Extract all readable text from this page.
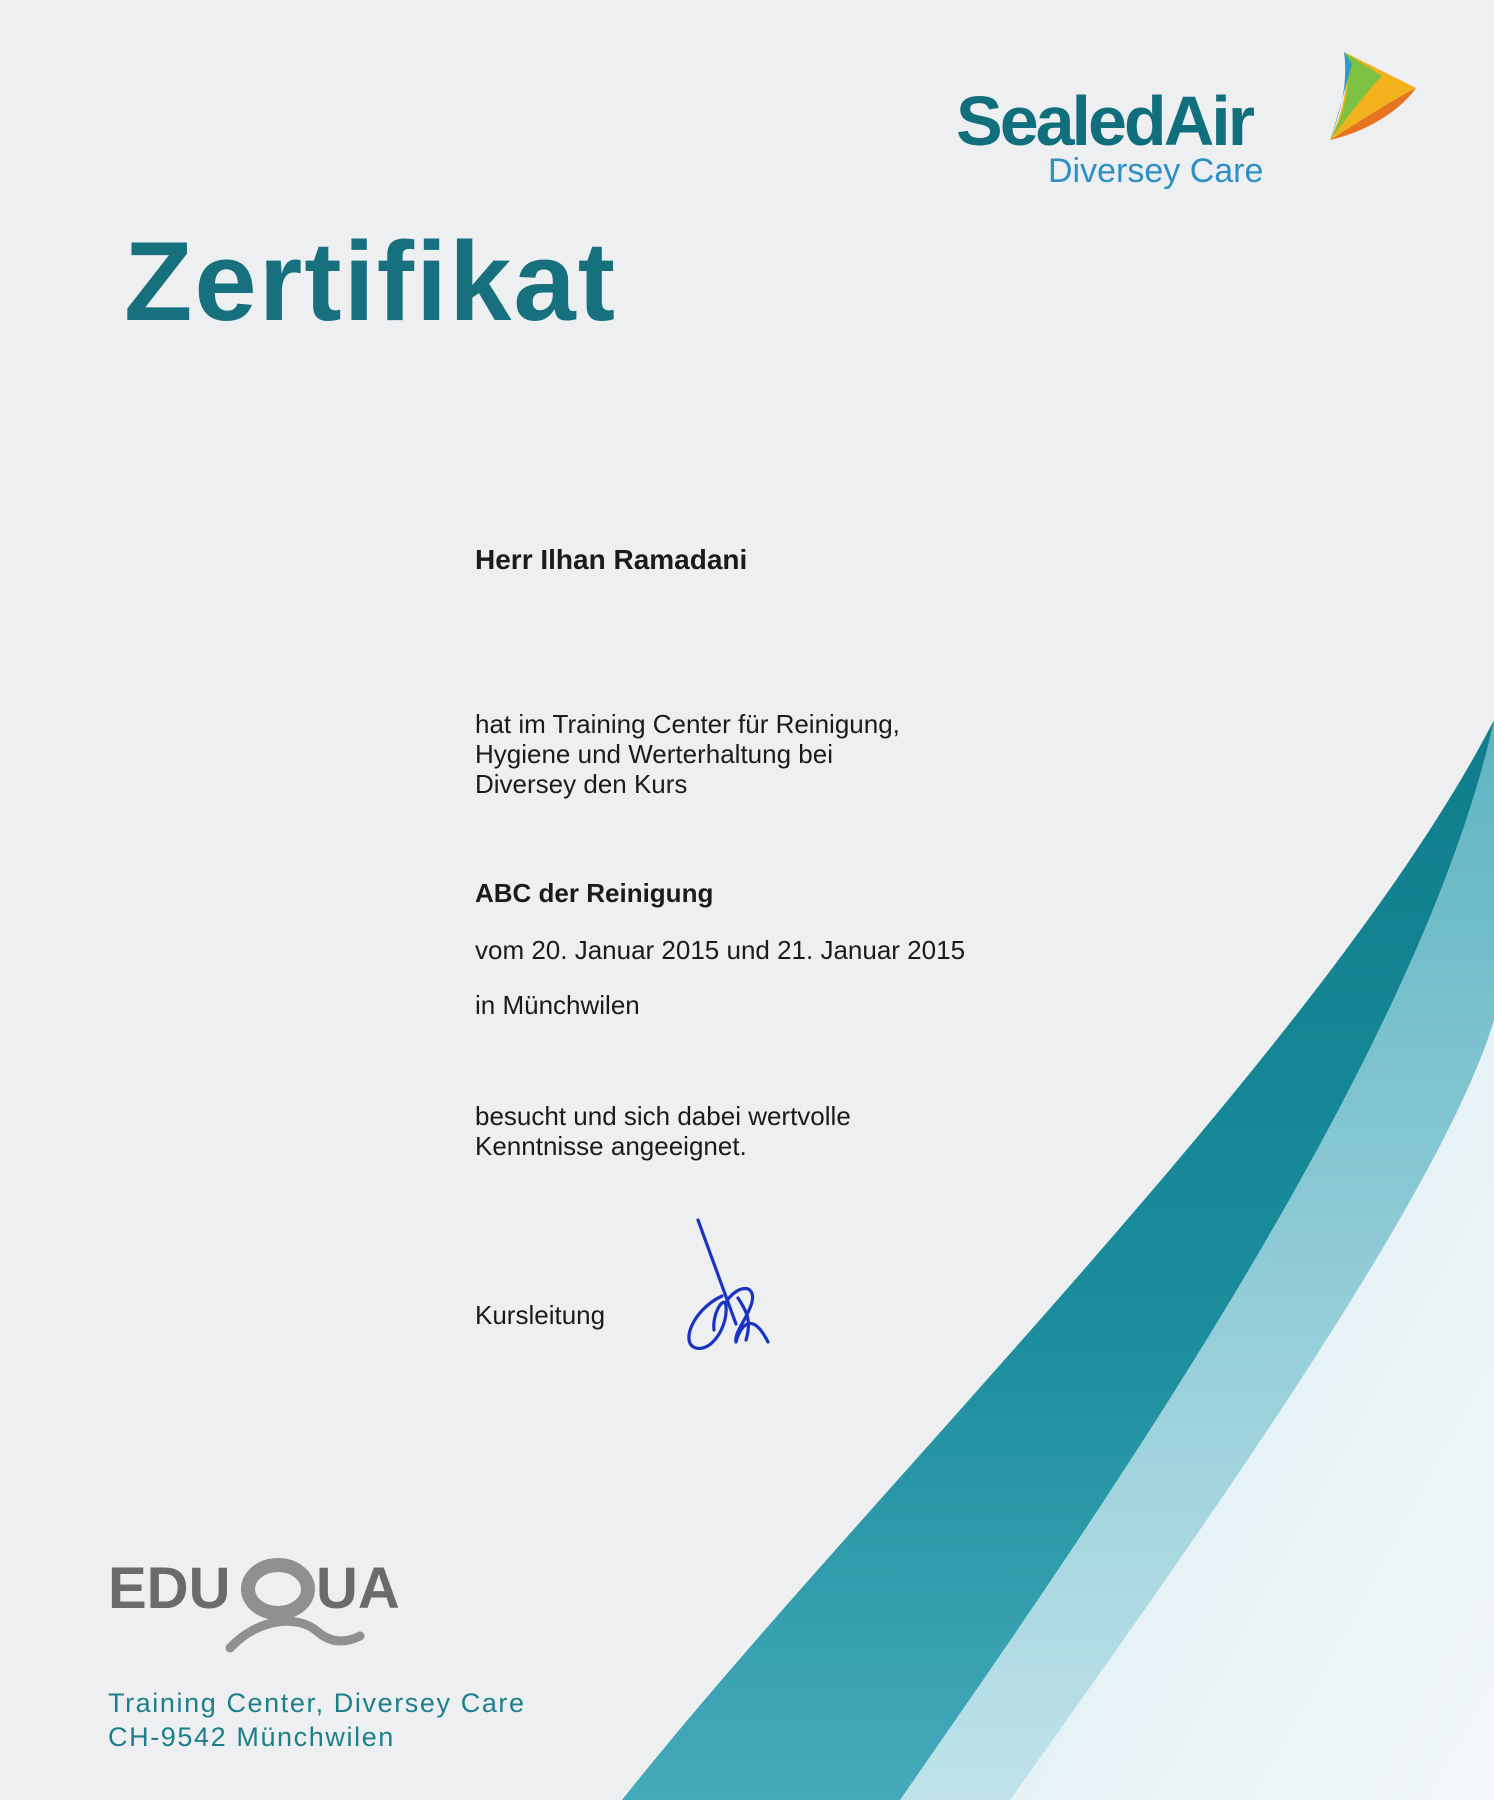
SealedAir
Diversey Care
Zertifikat
Herr Ilhan Ramadani
hat im Training Center für Reinigung,
Hygiene und Werterhaltung bei
Diversey den Kurs
ABC der Reinigung
vom 20. Januar 2015 und 21. Januar 2015
in Münchwilen
besucht und sich dabei wertvolle
Kenntnisse angeeignet.
Kursleitung
EDU UA
Training Center, Diversey Care
CH-9542 Münchwilen
